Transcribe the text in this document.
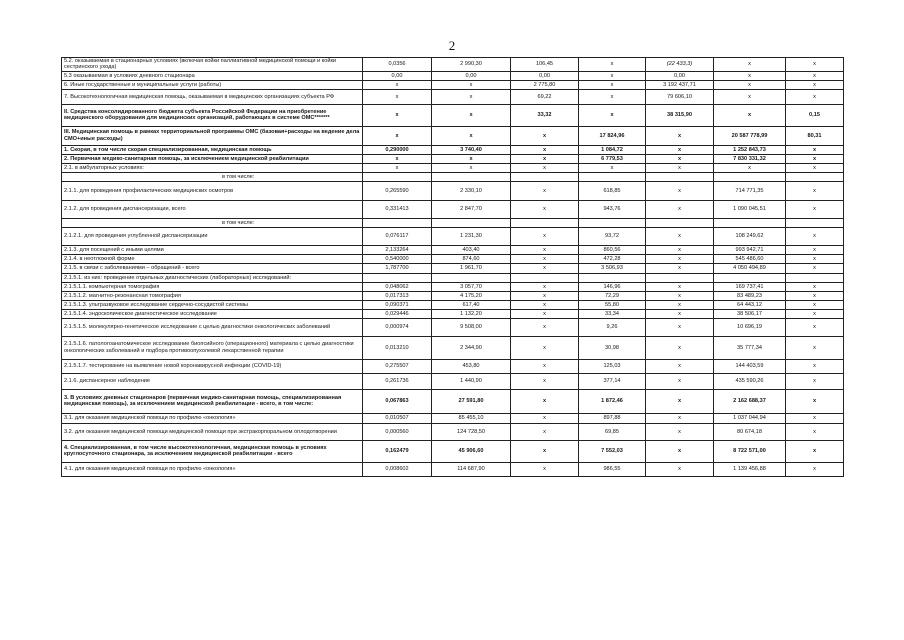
2
5.2. оказываемая в стационарных условиях (включая койки паллиативной медицинской помощи и койки сестринского ухода)	0,0356	2 990,30	106,45	х	(22 433,3)	х	х
5.3 оказываемая в условиях дневного стационара	0,00	0,00	0,00	х	0,00	х	х
6. Иные государственные и муниципальные услуги (работы)	х	х	2 775,80	х	3 192 437,71	х	х
7. Высокотехнологичная медицинская помощь, оказываемая в медицинских организациях субъекта РФ	х	х	69,22	х	79 606,10	х	х
II. Средства консолидированного бюджета субъекта Российской Федерации на приобретение медицинского оборудования для медицинских организаций, работающих в системе ОМС*******	х	х	33,32	х	38 315,90	х	0,15
III. Медицинская помощь в рамках территориальной программы ОМС (базовая+расходы на ведение дела СМО+иные расходы)	х	х	х	17 824,96	х	20 587 778,99	80,31
1. Скорая, в том числе скорая специализированная, медицинская помощь	0,290000	3 740,40	х	1 084,72	х	1 252 843,73	х
2. Первичная медико-санитарная помощь, за исключением медицинской реабилитации	х	х	х	6 779,53	х	7 830 331,32	х
2.1. в амбулаторных условиях:	х	х	х	х	х	х	х
в том числе:							
2.1.1. для проведения профилактических медицинских осмотров	0,265590	2 330,10	х	618,85	х	714 771,35	х
2.1.2. для проведения диспансеризации, всего	0,331413	2 847,70	х	943,76	х	1 090 045,51	х
в том числе:							
2.1.2.1. для проведения углубленной диспансеризации	0,076117	1 231,30	х	93,72	х	108 249,62	х
2.1.3. для посещений с иными целями	2,133264	403,40	х	860,56	х	993 942,71	х
2.1.4. в неотложной форме	0,540000	874,60	х	472,28	х	545 486,60	х
2.1.5. в связи с заболеваниями – обращений - всего	1,787700	1 961,70	х	3 506,93	х	4 050 494,89	х
2.1.5.1. из них: проведение отдельных диагностических (лабораторных) исследований:							
2.1.5.1.1. компьютерная томография	0,048062	3 057,70	х	146,96	х	169 737,41	х
2.1.5.1.2. магнитно-резонансная томография	0,017313	4 175,20	х	72,29	х	83 489,23	х
2.1.5.1.3. ультразвуковое исследование сердечно-сосудистой системы	0,090371	617,40	х	55,80	х	64 443,12	х
2.1.5.1.4. эндоскопическое диагностическое исследование	0,029446	1 132,20	х	33,34	х	38 506,17	х
2.1.5.1.5. молекулярно-генетическое исследование с целью диагностики онкологических заболеваний	0,000974	9 508,00	х	9,26	х	10 696,19	х
2.1.5.1.6. патологоанатомическое исследование биопсийного (операционного) материала с целью диагностики онкологических заболеваний и подбора противоопухолевой лекарственной терапии	0,013210	2 344,90	х	30,98	х	35 777,34	х
2.1.5.1.7. тестирование на выявление новой коронавирусной инфекции (COVID-19)	0,275507	453,80	х	125,03	х	144 403,59	х
2.1.6. диспансерное наблюдение	0,261736	1 440,90	х	377,14	х	435 590,26	х
3. В условиях дневных стационаров (первичная медико-санитарная помощь, специализированная медицинская помощь), за исключением медицинской реабилитации - всего, в том числе:	0,067863	27 591,80	х	1 872,46	х	2 162 688,37	х
3.1. для оказания медицинской помощи по профилю «онкология»	0,010507	85 455,10	х	897,88	х	1 037 044,94	х
3.2. для оказания медицинской помощи медицинской помощи при экстракорпоральном оплодотворении	0,000560	124 728,50	х	69,85	х	80 674,18	х
4. Специализированная, в том числе высокотехнологичная, медицинская помощь в условиях круглосуточного стационара, за исключением медицинской реабилитации - всего	0,162479	45 906,60	х	7 552,03	х	8 722 571,00	х
4.1. для оказания медицинской помощи по профилю «онкология»	0,008602	114 687,90	х	986,55	х	1 139 456,88	х
